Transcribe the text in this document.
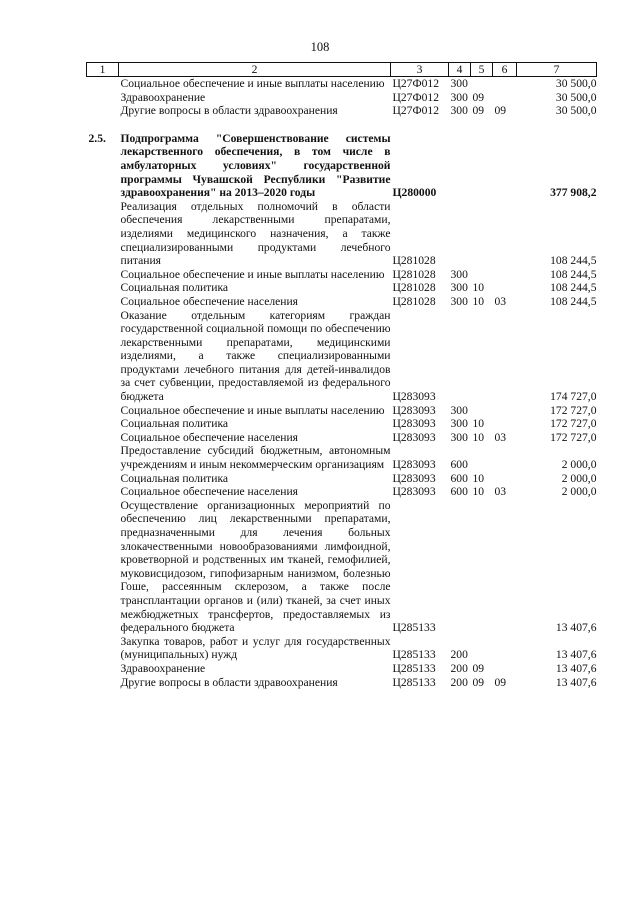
108
1	2	3	4	5	6	7
	Социальное обеспечение и иные выплаты населению	Ц27Ф012	300			30 500,0
	Здравоохранение	Ц27Ф012	300	09		30 500,0
	Другие вопросы в области здравоохранения	Ц27Ф012	300	09	09	30 500,0

2.5.	Подпрограмма "Совершенствование системы лекарственного обеспечения, в том числе в амбулаторных условиях" государственной программы Чувашской Республики "Развитие здравоохранения" на 2013–2020 годы	Ц280000				377 908,2
	Реализация отдельных полномочий в области обеспечения лекарственными препаратами, изделиями медицинского назначения, а также специализированными продуктами лечебного питания	Ц281028				108 244,5
	Социальное обеспечение и иные выплаты населению	Ц281028	300			108 244,5
	Социальная политика	Ц281028	300	10		108 244,5
	Социальное обеспечение населения	Ц281028	300	10	03	108 244,5
	Оказание отдельным категориям граждан государственной социальной помощи по обеспечению лекарственными препаратами, медицинскими изделиями, а также специализированными продуктами лечебного питания для детей-инвалидов за счет субвенции, предоставляемой из федерального бюджета	Ц283093				174 727,0
	Социальное обеспечение и иные выплаты населению	Ц283093	300			172 727,0
	Социальная политика	Ц283093	300	10		172 727,0
	Социальное обеспечение населения	Ц283093	300	10	03	172 727,0
	Предоставление субсидий бюджетным, автономным учреждениям и иным некоммерческим организациям	Ц283093	600			2 000,0
	Социальная политика	Ц283093	600	10		2 000,0
	Социальное обеспечение населения	Ц283093	600	10	03	2 000,0
	Осуществление организационных мероприятий по обеспечению лиц лекарственными препаратами, предназначенными для лечения больных злокачественными новообразованиями лимфоидной, кроветворной и родственных им тканей, гемофилией, муковисцидозом, гипофизарным нанизмом, болезнью Гоше, рассеянным склерозом, а также после трансплантации органов и (или) тканей, за счет иных межбюджетных трансфертов, предоставляемых из федерального бюджета	Ц285133				13 407,6
	Закупка товаров, работ и услуг для государственных (муниципальных) нужд	Ц285133	200			13 407,6
	Здравоохранение	Ц285133	200	09		13 407,6
	Другие вопросы в области здравоохранения	Ц285133	200	09	09	13 407,6
